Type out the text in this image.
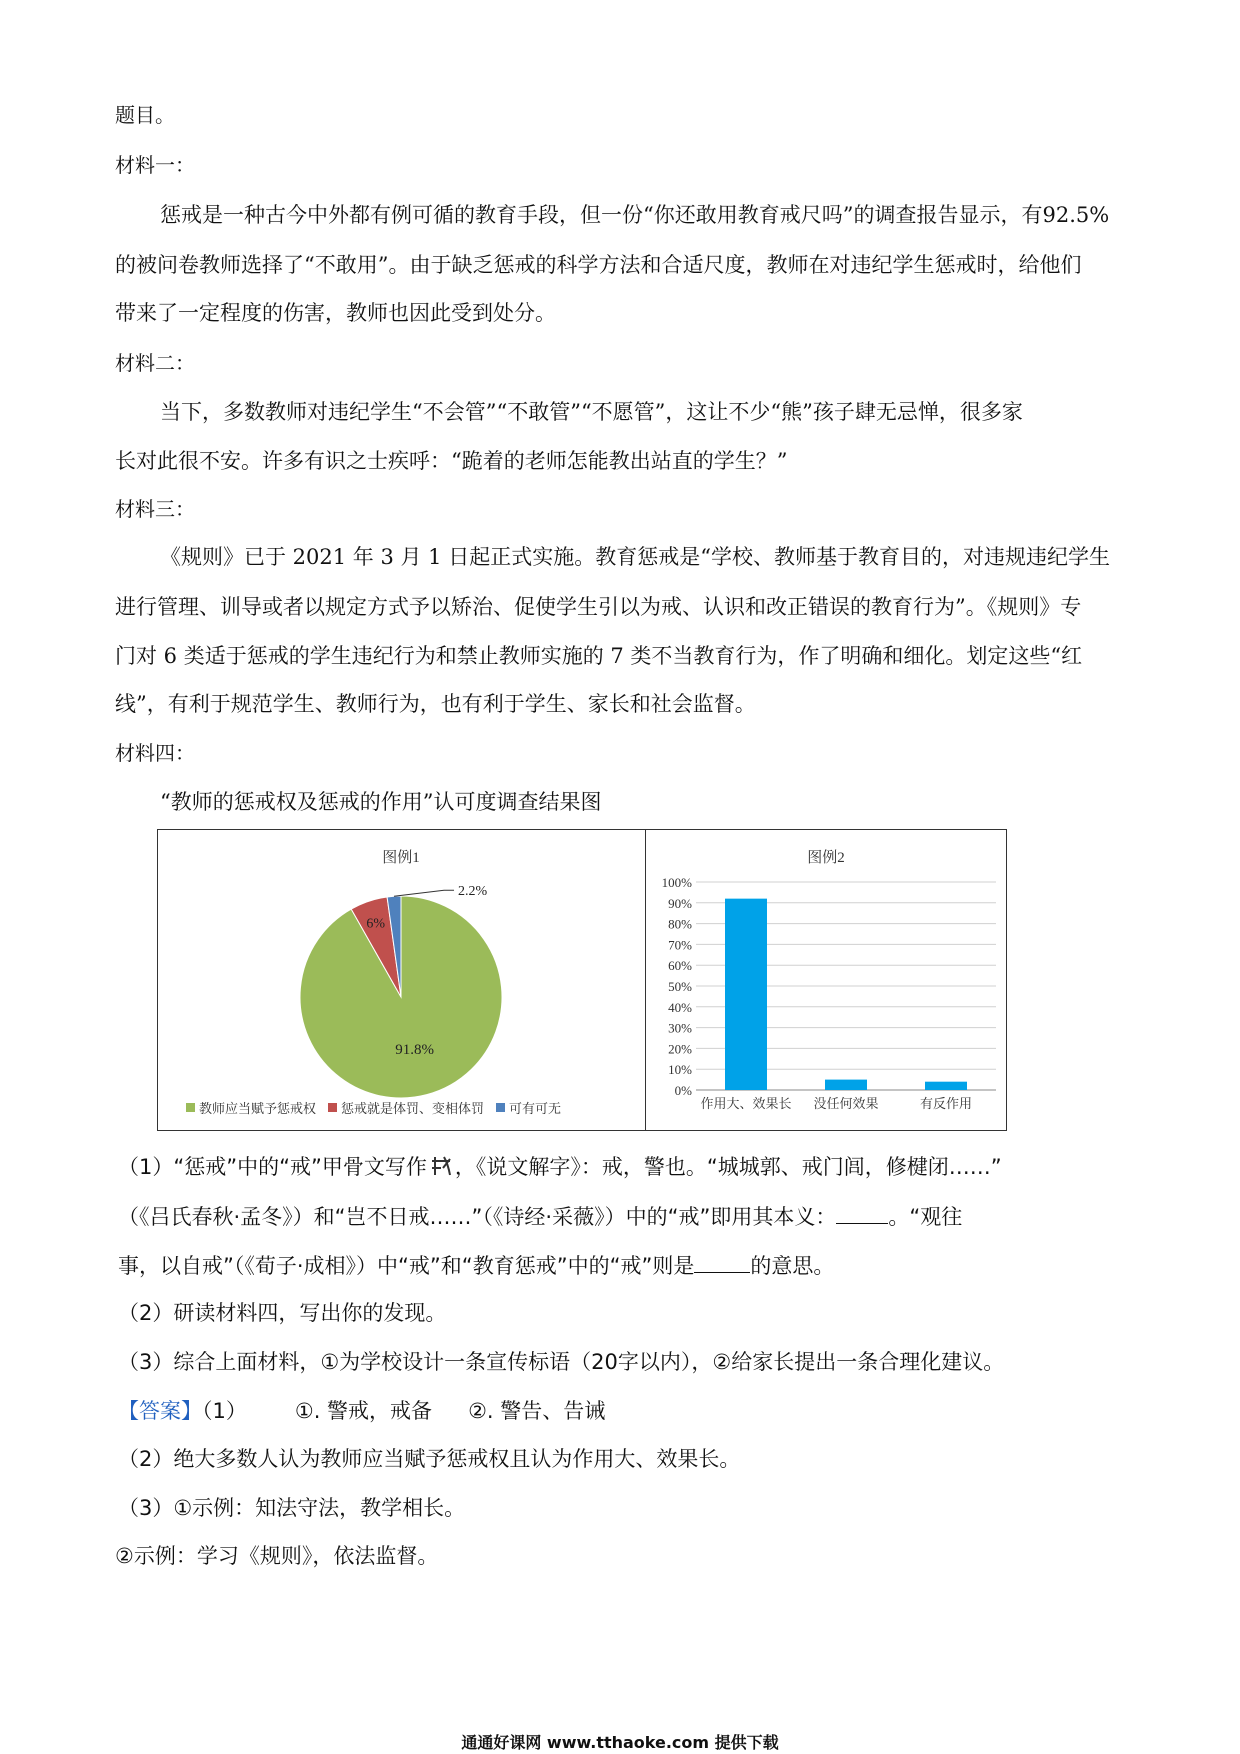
题目。
材料一：
惩戒是一种古今中外都有例可循的教育手段，但一份“你还敢用教育戒尺吗”的调查报告显示，有92.5%
的被问卷教师选择了“不敢用”。由于缺乏惩戒的科学方法和合适尺度，教师在对违纪学生惩戒时，给他们
带来了一定程度的伤害，教师也因此受到处分。
材料二：
当下，多数教师对违纪学生“不会管”“不敢管”“不愿管”，这让不少“熊”孩子肆无忌惮，很多家
长对此很不安。许多有识之士疾呼：“跪着的老师怎能教出站直的学生？”
材料三：
《规则》已于 2021 年 3 月 1 日起正式实施。教育惩戒是“学校、教师基于教育目的，对违规违纪学生
进行管理、训导或者以规定方式予以矫治、促使学生引以为戒、认识和改正错误的教育行为”。《规则》专
门对 6 类适于惩戒的学生违纪行为和禁止教师实施的 7 类不当教育行为，作了明确和细化。划定这些“红
线”，有利于规范学生、教师行为，也有利于学生、家长和社会监督。
材料四：
“教师的惩戒权及惩戒的作用”认可度调查结果图
图例1
91.8%
6%
2.2%
教师应当赋予惩戒权 惩戒就是体罚、变相体罚 可有可无
图例2
0%
10%
20%
30%
40%
50%
60%
70%
80%
90%
100%
作用大、效果长 没任何效果	有反作用
（1）“惩戒”中的“戒”甲骨文写作 ，《说文解字》：戒，警也。“城城郭、戒门闾，修楗闭……”
（《吕氏春秋·孟冬》）和“岂不日戒……”（《诗经·采薇》）中的“戒”即用其本义： 。“观往
事，以自戒”（《荀子·成相》）中“戒”和“教育惩戒”中的“戒”则是	的意思。
（2）研读材料四，写出你的发现。
（3）综合上面材料，①为学校设计一条宣传标语（20字以内），②给家长提出一条合理化建议。
【答案】（1） ①. 警戒，戒备 ②. 警告、告诫
（2）绝大多数人认为教师应当赋予惩戒权且认为作用大、效果长。
（3）①示例：知法守法，教学相长。
②示例：学习《规则》，依法监督。
通通好课网 www.tthaoke.com 提供下载
